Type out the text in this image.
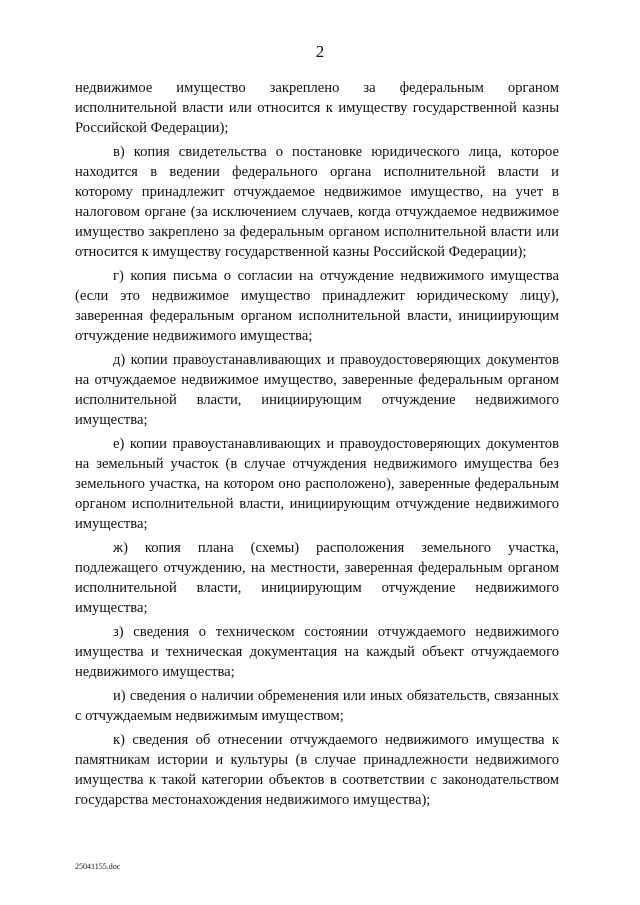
2

недвижимое имущество закреплено за федеральным органом исполнительной власти или относится к имуществу государственной казны Российской Федерации);

в) копия свидетельства о постановке юридического лица, которое находится в ведении федерального органа исполнительной власти и которому принадлежит отчуждаемое недвижимое имущество, на учет в налоговом органе (за исключением случаев, когда отчуждаемое недвижимое имущество закреплено за федеральным органом исполнительной власти или относится к имуществу государственной казны Российской Федерации);

г) копия письма о согласии на отчуждение недвижимого имущества (если это недвижимое имущество принадлежит юридическому лицу), заверенная федеральным органом исполнительной власти, инициирующим отчуждение недвижимого имущества;

д) копии правоустанавливающих и правоудостоверяющих документов на отчуждаемое недвижимое имущество, заверенные федеральным органом исполнительной власти, инициирующим отчуждение недвижимого имущества;

е) копии правоустанавливающих и правоудостоверяющих документов на земельный участок (в случае отчуждения недвижимого имущества без земельного участка, на котором оно расположено), заверенные федеральным органом исполнительной власти, инициирующим отчуждение недвижимого имущества;

ж) копия плана (схемы) расположения земельного участка, подлежащего отчуждению, на местности, заверенная федеральным органом исполнительной власти, инициирующим отчуждение недвижимого имущества;

з) сведения о техническом состоянии отчуждаемого недвижимого имущества и техническая документация на каждый объект отчуждаемого недвижимого имущества;

и) сведения о наличии обременения или иных обязательств, связанных с отчуждаемым недвижимым имуществом;

к) сведения об отнесении отчуждаемого недвижимого имущества к памятникам истории и культуры (в случае принадлежности недвижимого имущества к такой категории объектов в соответствии с законодательством государства местонахождения недвижимого имущества);

25041155.doc
